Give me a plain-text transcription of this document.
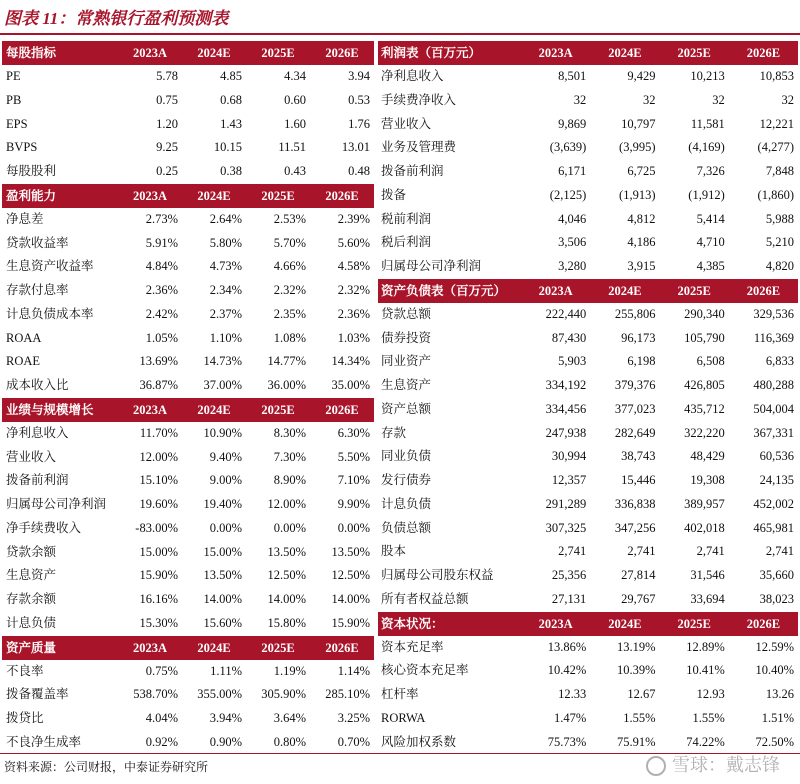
图表 11：常熟银行盈利预测表
每股指标	2023A	2024E	2025E	2026E
PE	5.78	4.85	4.34	3.94
PB	0.75	0.68	0.60	0.53
EPS	1.20	1.43	1.60	1.76
BVPS	9.25	10.15	11.51	13.01
每股股利	0.25	0.38	0.43	0.48
盈利能力	2023A	2024E	2025E	2026E
净息差	2.73%	2.64%	2.53%	2.39%
贷款收益率	5.91%	5.80%	5.70%	5.60%
生息资产收益率	4.84%	4.73%	4.66%	4.58%
存款付息率	2.36%	2.34%	2.32%	2.32%
计息负债成本率	2.42%	2.37%	2.35%	2.36%
ROAA	1.05%	1.10%	1.08%	1.03%
ROAE	13.69%	14.73%	14.77%	14.34%
成本收入比	36.87%	37.00%	36.00%	35.00%
业绩与规模增长	2023A	2024E	2025E	2026E
净利息收入	11.70%	10.90%	8.30%	6.30%
营业收入	12.00%	9.40%	7.30%	5.50%
拨备前利润	15.10%	9.00%	8.90%	7.10%
归属母公司净利润	19.60%	19.40%	12.00%	9.90%
净手续费收入	-83.00%	0.00%	0.00%	0.00%
贷款余额	15.00%	15.00%	13.50%	13.50%
生息资产	15.90%	13.50%	12.50%	12.50%
存款余额	16.16%	14.00%	14.00%	14.00%
计息负债	15.30%	15.60%	15.80%	15.90%
资产质量	2023A	2024E	2025E	2026E
不良率	0.75%	1.11%	1.19%	1.14%
拨备覆盖率	538.70%	355.00%	305.90%	285.10%
拨贷比	4.04%	3.94%	3.64%	3.25%
不良净生成率	0.92%	0.90%	0.80%	0.70%
利润表（百万元）	2023A	2024E	2025E	2026E
净利息收入	8,501	9,429	10,213	10,853
手续费净收入	32	32	32	32
营业收入	9,869	10,797	11,581	12,221
业务及管理费	(3,639)	(3,995)	(4,169)	(4,277)
拨备前利润	6,171	6,725	7,326	7,848
拨备	(2,125)	(1,913)	(1,912)	(1,860)
税前利润	4,046	4,812	5,414	5,988
税后利润	3,506	4,186	4,710	5,210
归属母公司净利润	3,280	3,915	4,385	4,820
资产负债表（百万元）	2023A	2024E	2025E	2026E
贷款总额	222,440	255,806	290,340	329,536
债券投资	87,430	96,173	105,790	116,369
同业资产	5,903	6,198	6,508	6,833
生息资产	334,192	379,376	426,805	480,288
资产总额	334,456	377,023	435,712	504,004
存款	247,938	282,649	322,220	367,331
同业负债	30,994	38,743	48,429	60,536
发行债券	12,357	15,446	19,308	24,135
计息负债	291,289	336,838	389,957	452,002
负债总额	307,325	347,256	402,018	465,981
股本	2,741	2,741	2,741	2,741
归属母公司股东权益	25,356	27,814	31,546	35,660
所有者权益总额	27,131	29,767	33,694	38,023
资本状况：	2023A	2024E	2025E	2026E
资本充足率	13.86%	13.19%	12.89%	12.59%
核心资本充足率	10.42%	10.39%	10.41%	10.40%
杠杆率	12.33	12.67	12.93	13.26
RORWA	1.47%	1.55%	1.55%	1.51%
风险加权系数	75.73%	75.91%	74.22%	72.50%
资料来源：公司财报，中泰证券研究所	雪球：戴志锋
